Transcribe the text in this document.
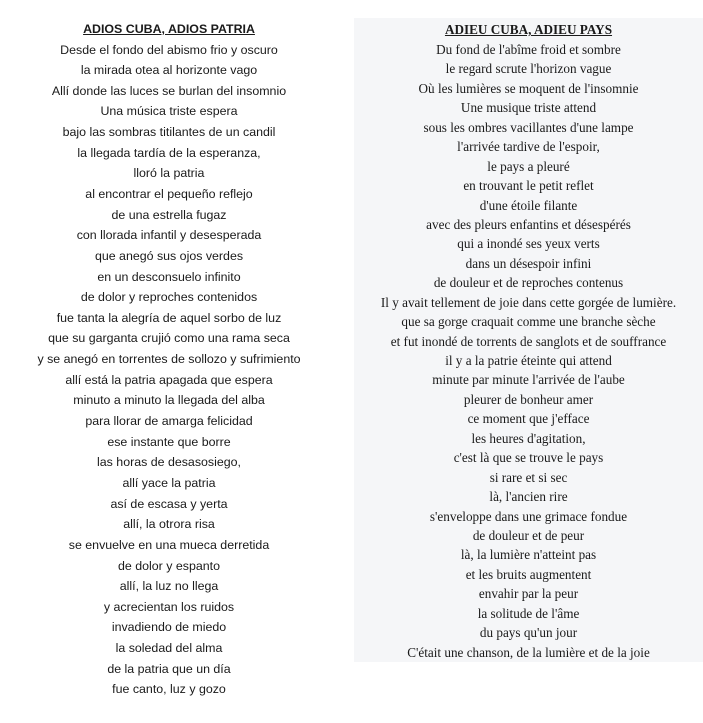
ADIOS CUBA, ADIOS PATRIA
Desde el fondo del abismo frio y oscuro
la mirada otea al horizonte vago
Allí donde las luces se burlan del insomnio
Una música triste espera
bajo las sombras titilantes de un candil
la llegada tardía de la esperanza,
lloró la patria
al encontrar el pequeño reflejo
de una estrella fugaz
con llorada infantil y desesperada
que anegó sus ojos verdes
en un desconsuelo infinito
de dolor y reproches contenidos
fue tanta la alegría de aquel sorbo de luz
que su garganta crujió como una rama seca
y se anegó en torrentes de sollozo y sufrimiento
allí está la patria apagada que espera
minuto a minuto la llegada del alba
para llorar de amarga felicidad
ese instante que borre
las horas de desasosiego,
allí yace la patria
así de escasa y yerta
allí, la otrora risa
se envuelve en una mueca derretida
de dolor y espanto
allí, la luz no llega
y acrecientan los ruidos
invadiendo de miedo
la soledad del alma
de la patria que un día
fue canto, luz y gozo
ADIEU CUBA, ADIEU PAYS
Du fond de l'abîme froid et sombre
le regard scrute l'horizon vague
Où les lumières se moquent de l'insomnie
Une musique triste attend
sous les ombres vacillantes d'une lampe
l'arrivée tardive de l'espoir,
le pays a pleuré
en trouvant le petit reflet
d'une étoile filante
avec des pleurs enfantins et désespérés
qui a inondé ses yeux verts
dans un désespoir infini
de douleur et de reproches contenus
Il y avait tellement de joie dans cette gorgée de lumière.
que sa gorge craquait comme une branche sèche
et fut inondé de torrents de sanglots et de souffrance
il y a la patrie éteinte qui attend
minute par minute l'arrivée de l'aube
pleurer de bonheur amer
ce moment que j'efface
les heures d'agitation,
c'est là que se trouve le pays
si rare et si sec
là, l'ancien rire
s'enveloppe dans une grimace fondue
de douleur et de peur
là, la lumière n'atteint pas
et les bruits augmentent
envahir par la peur
la solitude de l'âme
du pays qu'un jour
C'était une chanson, de la lumière et de la joie
